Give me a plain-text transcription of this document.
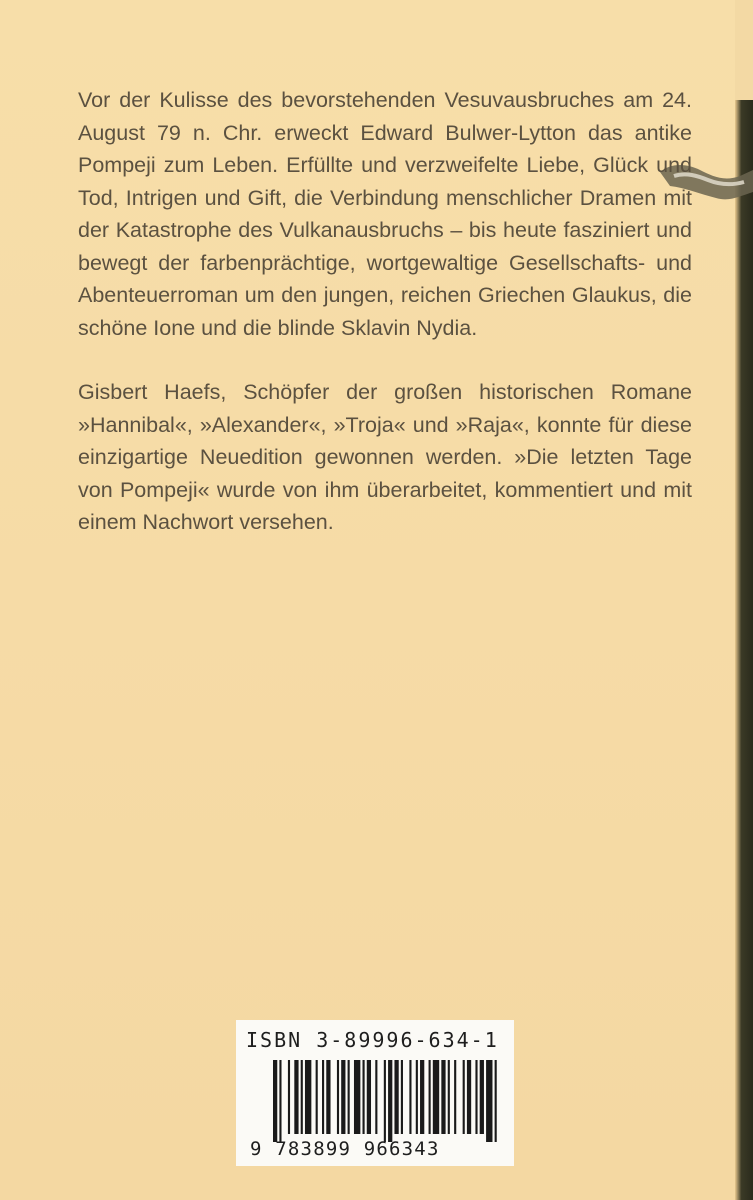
Vor der Kulisse des bevorstehenden Vesuvausbruches am 24. August 79 n. Chr. erweckt Edward Bulwer-Lytton das antike Pompeji zum Leben. Erfüllte und verzweifelte Liebe, Glück und Tod, Intrigen und Gift, die Verbindung menschlicher Dramen mit der Katastrophe des Vulkanausbruchs – bis heute fasziniert und bewegt der farbenprächtige, wortgewaltige Gesellschafts- und Abenteuerroman um den jungen, reichen Griechen Glaukus, die schöne Ione und die blinde Sklavin Nydia.

Gisbert Haefs, Schöpfer der großen historischen Romane »Hannibal«, »Alexander«, »Troja« und »Raja«, konnte für diese einzigartige Neuedition gewonnen werden. »Die letzten Tage von Pompeji« wurde von ihm überarbeitet, kommentiert und mit einem Nachwort versehen.

ISBN 3-89996-634-1
9 783899 966343
